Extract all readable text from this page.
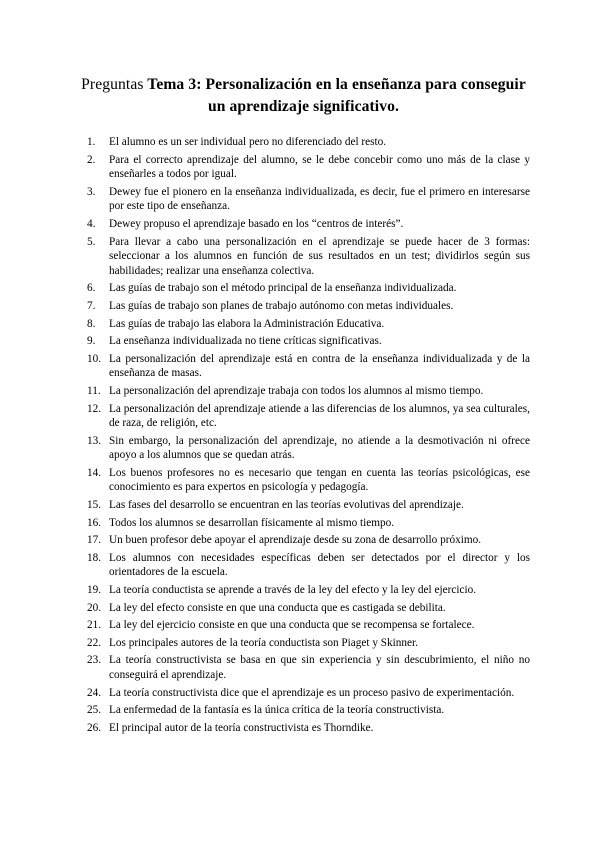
Preguntas Tema 3: Personalización en la enseñanza para conseguir un aprendizaje significativo.
1.	El alumno es un ser individual pero no diferenciado del resto.
2.	Para el correcto aprendizaje del alumno, se le debe concebir como uno más de la clase y enseñarles a todos por igual.
3.	Dewey fue el pionero en la enseñanza individualizada, es decir, fue el primero en interesarse por este tipo de enseñanza.
4.	Dewey propuso el aprendizaje basado en los “centros de interés”.
5.	Para llevar a cabo una personalización en el aprendizaje se puede hacer de 3 formas: seleccionar a los alumnos en función de sus resultados en un test; dividirlos según sus habilidades; realizar una enseñanza colectiva.
6.	Las guías de trabajo son el método principal de la enseñanza individualizada.
7.	Las guías de trabajo son planes de trabajo autónomo con metas individuales.
8.	Las guías de trabajo las elabora la Administración Educativa.
9.	La enseñanza individualizada no tiene críticas significativas.
10. La personalización del aprendizaje está en contra de la enseñanza individualizada y de la enseñanza de masas.
11. La personalización del aprendizaje trabaja con todos los alumnos al mismo tiempo.
12. La personalización del aprendizaje atiende a las diferencias de los alumnos, ya sea culturales, de raza, de religión, etc.
13. Sin embargo, la personalización del aprendizaje, no atiende a la desmotivación ni ofrece apoyo a los alumnos que se quedan atrás.
14. Los buenos profesores no es necesario que tengan en cuenta las teorías psicológicas, ese conocimiento es para expertos en psicología y pedagogía.
15. Las fases del desarrollo se encuentran en las teorías evolutivas del aprendizaje.
16. Todos los alumnos se desarrollan físicamente al mismo tiempo.
17. Un buen profesor debe apoyar el aprendizaje desde su zona de desarrollo próximo.
18. Los alumnos con necesidades específicas deben ser detectados por el director y los orientadores de la escuela.
19. La teoría conductista se aprende a través de la ley del efecto y la ley del ejercicio.
20. La ley del efecto consiste en que una conducta que es castigada se debilita.
21. La ley del ejercicio consiste en que una conducta que se recompensa se fortalece.
22. Los principales autores de la teoría conductista son Piaget y Skinner.
23. La teoría constructivista se basa en que sin experiencia y sin descubrimiento, el niño no conseguirá el aprendizaje.
24. La teoría constructivista dice que el aprendizaje es un proceso pasivo de experimentación.
25. La enfermedad de la fantasía es la única crítica de la teoría constructivista.
26. El principal autor de la teoría constructivista es Thorndike.
